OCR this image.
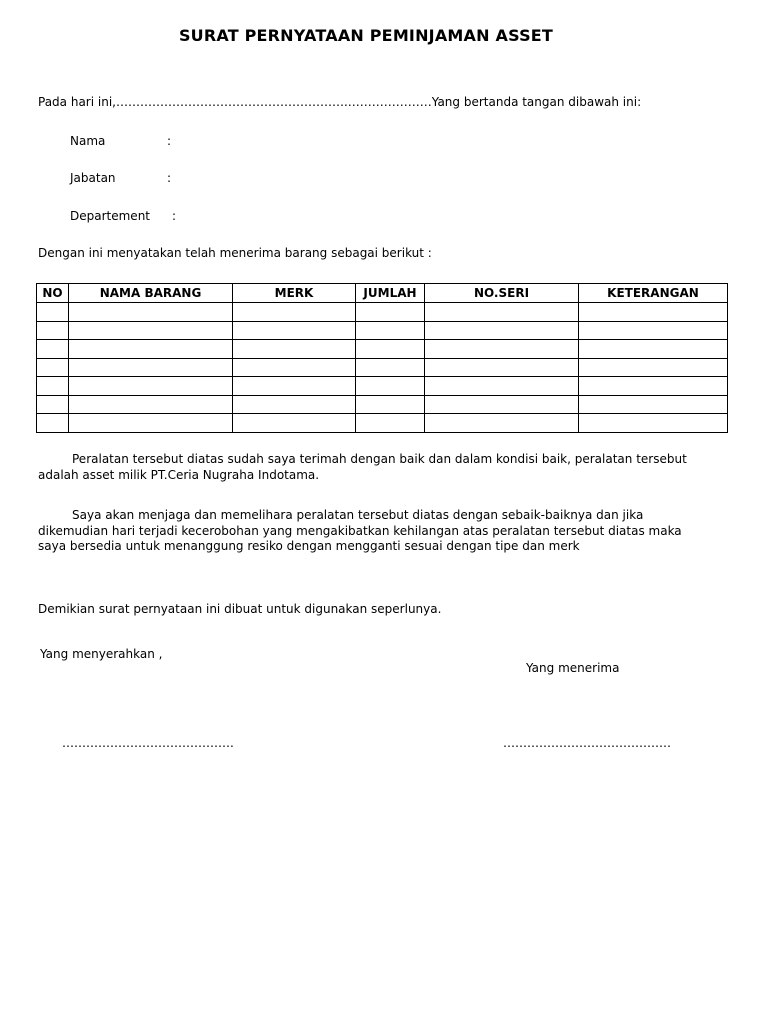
SURAT PERNYATAAN PEMINJAMAN ASSET
Pada hari ini,………………………………………………….…………………Yang bertanda tangan dibawah ini:
Nama	:
Jabatan	:
Departement :
Dengan ini menyatakan telah menerima barang sebagai berikut :
NO	NAMA BARANG	MERK	JUMLAH	NO.SERI	KETERANGAN

Peralatan tersebut diatas sudah saya terimah dengan baik dan dalam kondisi baik, peralatan tersebut adalah asset milik PT.Ceria Nugraha Indotama.
Saya akan menjaga dan memelihara peralatan tersebut diatas dengan sebaik-baiknya dan jika dikemudian hari terjadi kecerobohan yang mengakibatkan kehilangan atas peralatan tersebut diatas maka saya bersedia untuk menanggung resiko dengan mengganti sesuai dengan tipe dan merk
Demikian surat pernyataan ini dibuat untuk digunakan seperlunya.
Yang menyerahkan ,
Yang menerima
…………………………………….	……………………………………
